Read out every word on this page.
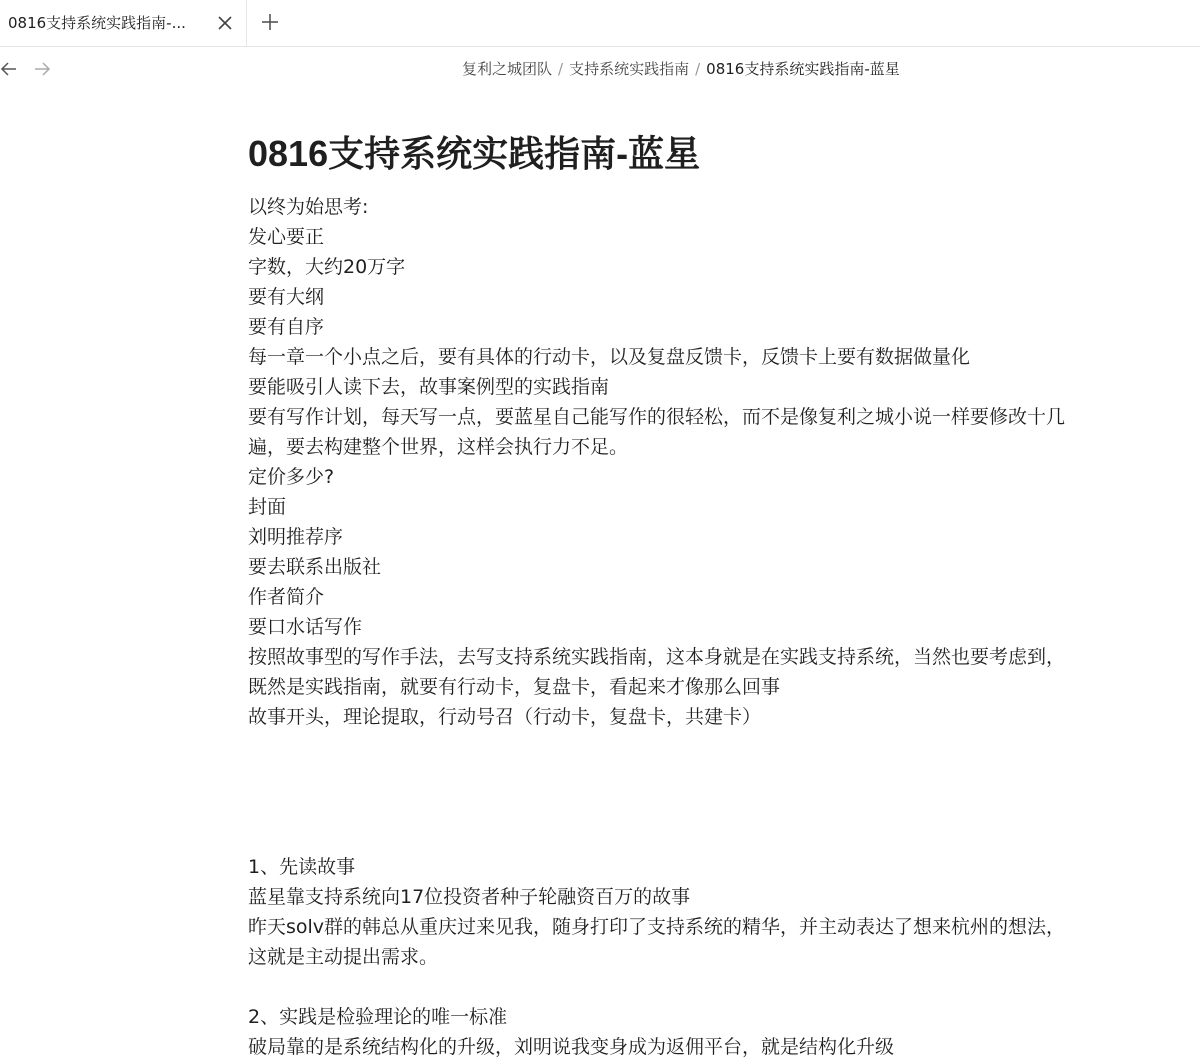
0816支持系统实践指南-...
复利之城团队 / 支持系统实践指南 / 0816支持系统实践指南-蓝星
0816支持系统实践指南-蓝星
以终为始思考:
发心要正
字数，大约20万字
要有大纲
要有自序
每一章一个小点之后，要有具体的行动卡，以及复盘反馈卡，反馈卡上要有数据做量化
要能吸引人读下去，故事案例型的实践指南
要有写作计划，每天写一点，要蓝星自己能写作的很轻松，而不是像复利之城小说一样要修改十几
遍，要去构建整个世界，这样会执行力不足。
定价多少?
封面
刘明推荐序
要去联系出版社
作者简介
要口水话写作
按照故事型的写作手法，去写支持系统实践指南，这本身就是在实践支持系统，当然也要考虑到，
既然是实践指南，就要有行动卡，复盘卡，看起来才像那么回事
故事开头，理论提取，行动号召（行动卡，复盘卡，共建卡）
1、先读故事
蓝星靠支持系统向17位投资者种子轮融资百万的故事
昨天solv群的韩总从重庆过来见我，随身打印了支持系统的精华，并主动表达了想来杭州的想法，
这就是主动提出需求。
2、实践是检验理论的唯一标准
破局靠的是系统结构化的升级，刘明说我变身成为返佣平台，就是结构化升级
